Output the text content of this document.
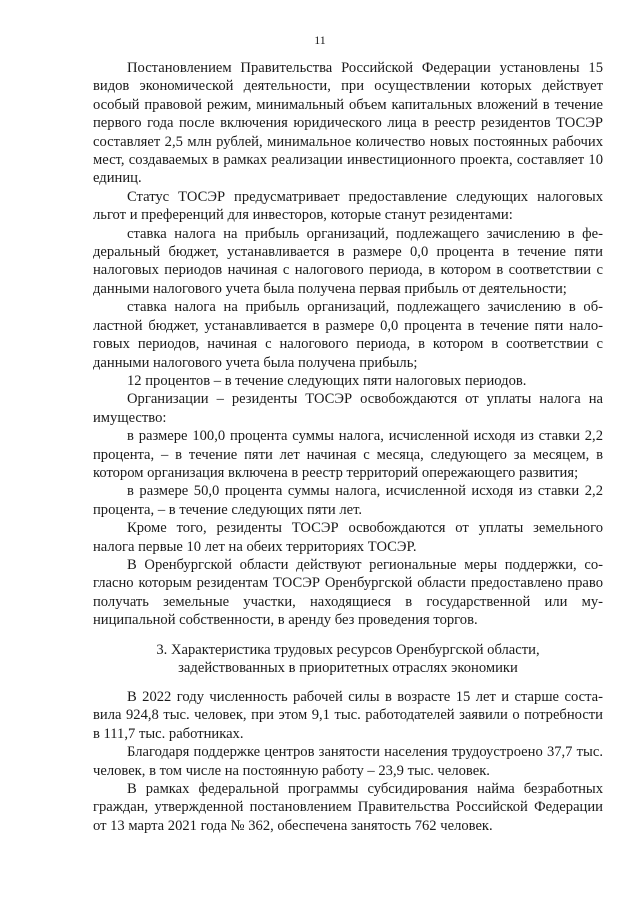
11

Постановлением Правительства Российской Федерации установлены 15 видов экономической деятельности, при осуществлении которых действует особый правовой режим, минимальный объем капитальных вложений в течение первого года после включения юридического лица в реестр резидентов ТОСЭР составляет 2,5 млн рублей, минимальное количество новых постоянных рабочих мест, создаваемых в рамках реализации инвестиционного проекта, составляет 10 единиц.

Статус ТОСЭР предусматривает предоставление следующих налоговых льгот и преференций для инвесторов, которые станут резидентами:

ставка налога на прибыль организаций, подлежащего зачислению в федеральный бюджет, устанавливается в размере 0,0 процента в течение пяти налоговых периодов начиная с налогового периода, в котором в соответствии с данными налогового учета была получена первая прибыль от деятельности;

ставка налога на прибыль организаций, подлежащего зачислению в областной бюджет, устанавливается в размере 0,0 процента в течение пяти налоговых периодов, начиная с налогового периода, в котором в соответствии с данными налогового учета была получена прибыль;

12 процентов – в течение следующих пяти налоговых периодов.

Организации – резиденты ТОСЭР освобождаются от уплаты налога на имущество:

в размере 100,0 процента суммы налога, исчисленной исходя из ставки 2,2 процента, – в течение пяти лет начиная с месяца, следующего за месяцем, в котором организация включена в реестр территорий опережающего развития;

в размере 50,0 процента суммы налога, исчисленной исходя из ставки 2,2 процента, – в течение следующих пяти лет.

Кроме того, резиденты ТОСЭР освобождаются от уплаты земельного налога первые 10 лет на обеих территориях ТОСЭР.

В Оренбургской области действуют региональные меры поддержки, согласно которым резидентам ТОСЭР Оренбургской области предоставлено право получать земельные участки, находящиеся в государственной или муниципальной собственности, в аренду без проведения торгов.

3. Характеристика трудовых ресурсов Оренбургской области,
задействованных в приоритетных отраслях экономики

В 2022 году численность рабочей силы в возрасте 15 лет и старше составила 924,8 тыс. человек, при этом 9,1 тыс. работодателей заявили о потребности в 111,7 тыс. работниках.

Благодаря поддержке центров занятости населения трудоустроено 37,7 тыс. человек, в том числе на постоянную работу – 23,9 тыс. человек.

В рамках федеральной программы субсидирования найма безработных граждан, утвержденной постановлением Правительства Российской Федерации от 13 марта 2021 года № 362, обеспечена занятость 762 человек.
